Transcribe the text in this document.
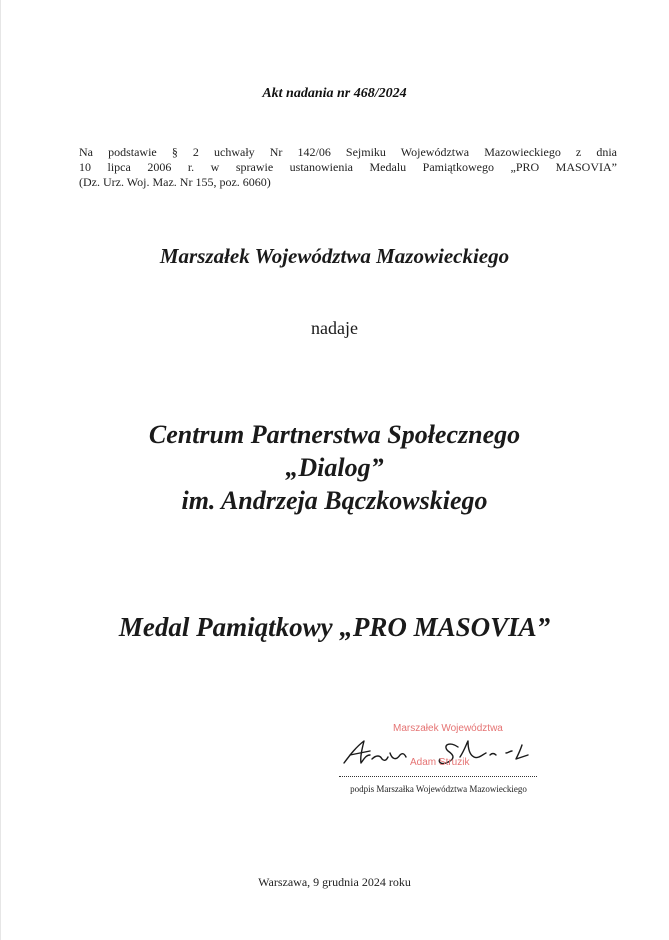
Akt nadania nr 468/2024
Na podstawie § 2 uchwały Nr 142/06 Sejmiku Województwa Mazowieckiego z dnia
10 lipca 2006 r. w sprawie ustanowienia Medalu Pamiątkowego „PRO MASOVIA”
(Dz. Urz. Woj. Maz. Nr 155, poz. 6060)
Marszałek Województwa Mazowieckiego
nadaje
Centrum Partnerstwa Społecznego
„Dialog”
im. Andrzeja Bączkowskiego
Medal Pamiątkowy „PRO MASOVIA”
Marszałek Województwa
Adam Struzik
podpis Marszałka Województwa Mazowieckiego
Warszawa, 9 grudnia 2024 roku
